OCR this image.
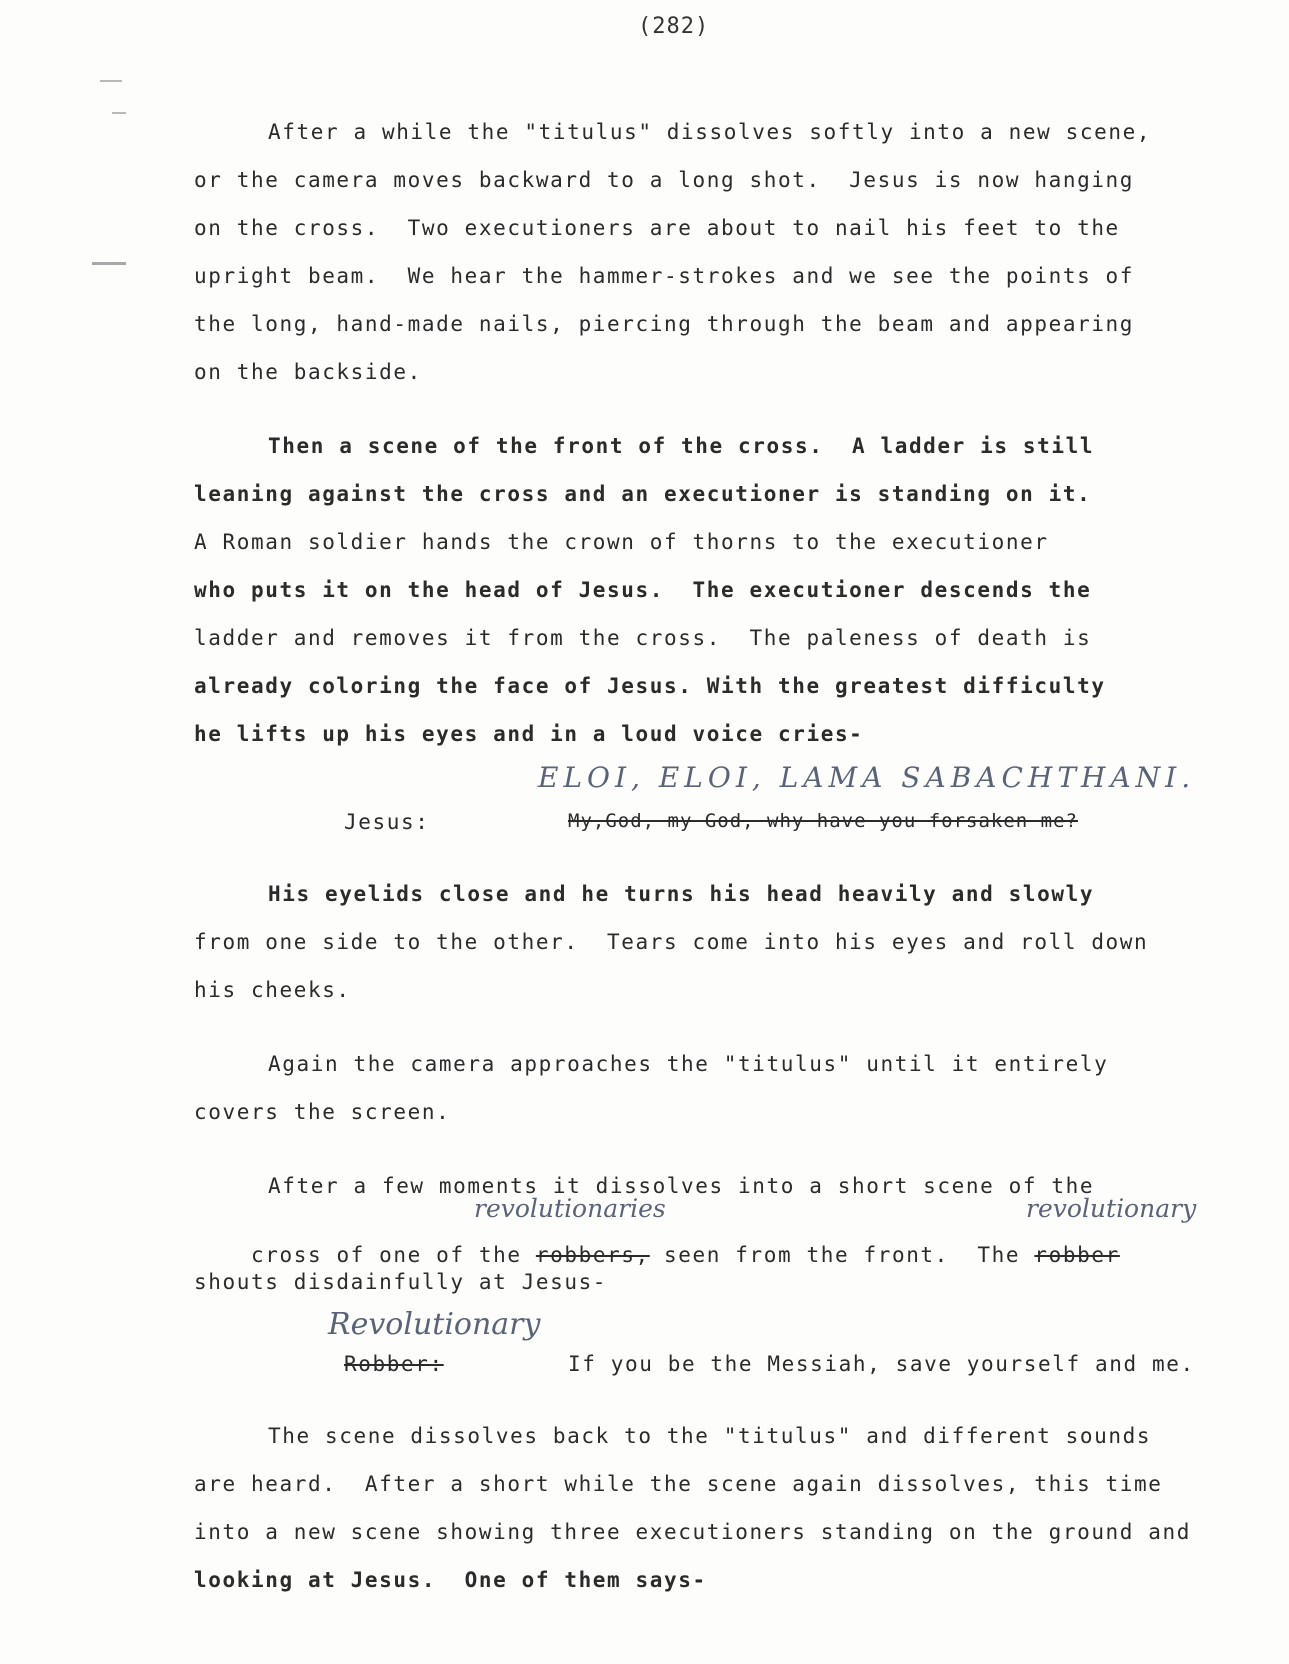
(282)
After a while the "titulus" dissolves softly into a new scene,
or the camera moves backward to a long shot.  Jesus is now hanging
on the cross.  Two executioners are about to nail his feet to the
upright beam.  We hear the hammer-strokes and we see the points of
the long, hand-made nails, piercing through the beam and appearing
on the backside.
Then a scene of the front of the cross.  A ladder is still
leaning against the cross and an executioner is standing on it.
A Roman soldier hands the crown of thorns to the executioner
who puts it on the head of Jesus.  The executioner descends the
ladder and removes it from the cross.  The paleness of death is
already coloring the face of Jesus. With the greatest difficulty
he lifts up his eyes and in a loud voice cries-
ELOI, ELOI, LAMA SABACHTHANI.
Jesus:	My,God, my God, why have you forsaken me?
His eyelids close and he turns his head heavily and slowly
from one side to the other.  Tears come into his eyes and roll down
his cheeks.
Again the camera approaches the "titulus" until it entirely
covers the screen.
After a few moments it dissolves into a short scene of the
revolutionaries	revolutionary

cross of one of the robbers, seen from the front.  The robber

shouts disdainfully at Jesus-
Revolutionary
Robber:	If you be the Messiah, save yourself and me.
The scene dissolves back to the "titulus" and different sounds
are heard.  After a short while the scene again dissolves, this time
into a new scene showing three executioners standing on the ground and
looking at Jesus.  One of them says-
